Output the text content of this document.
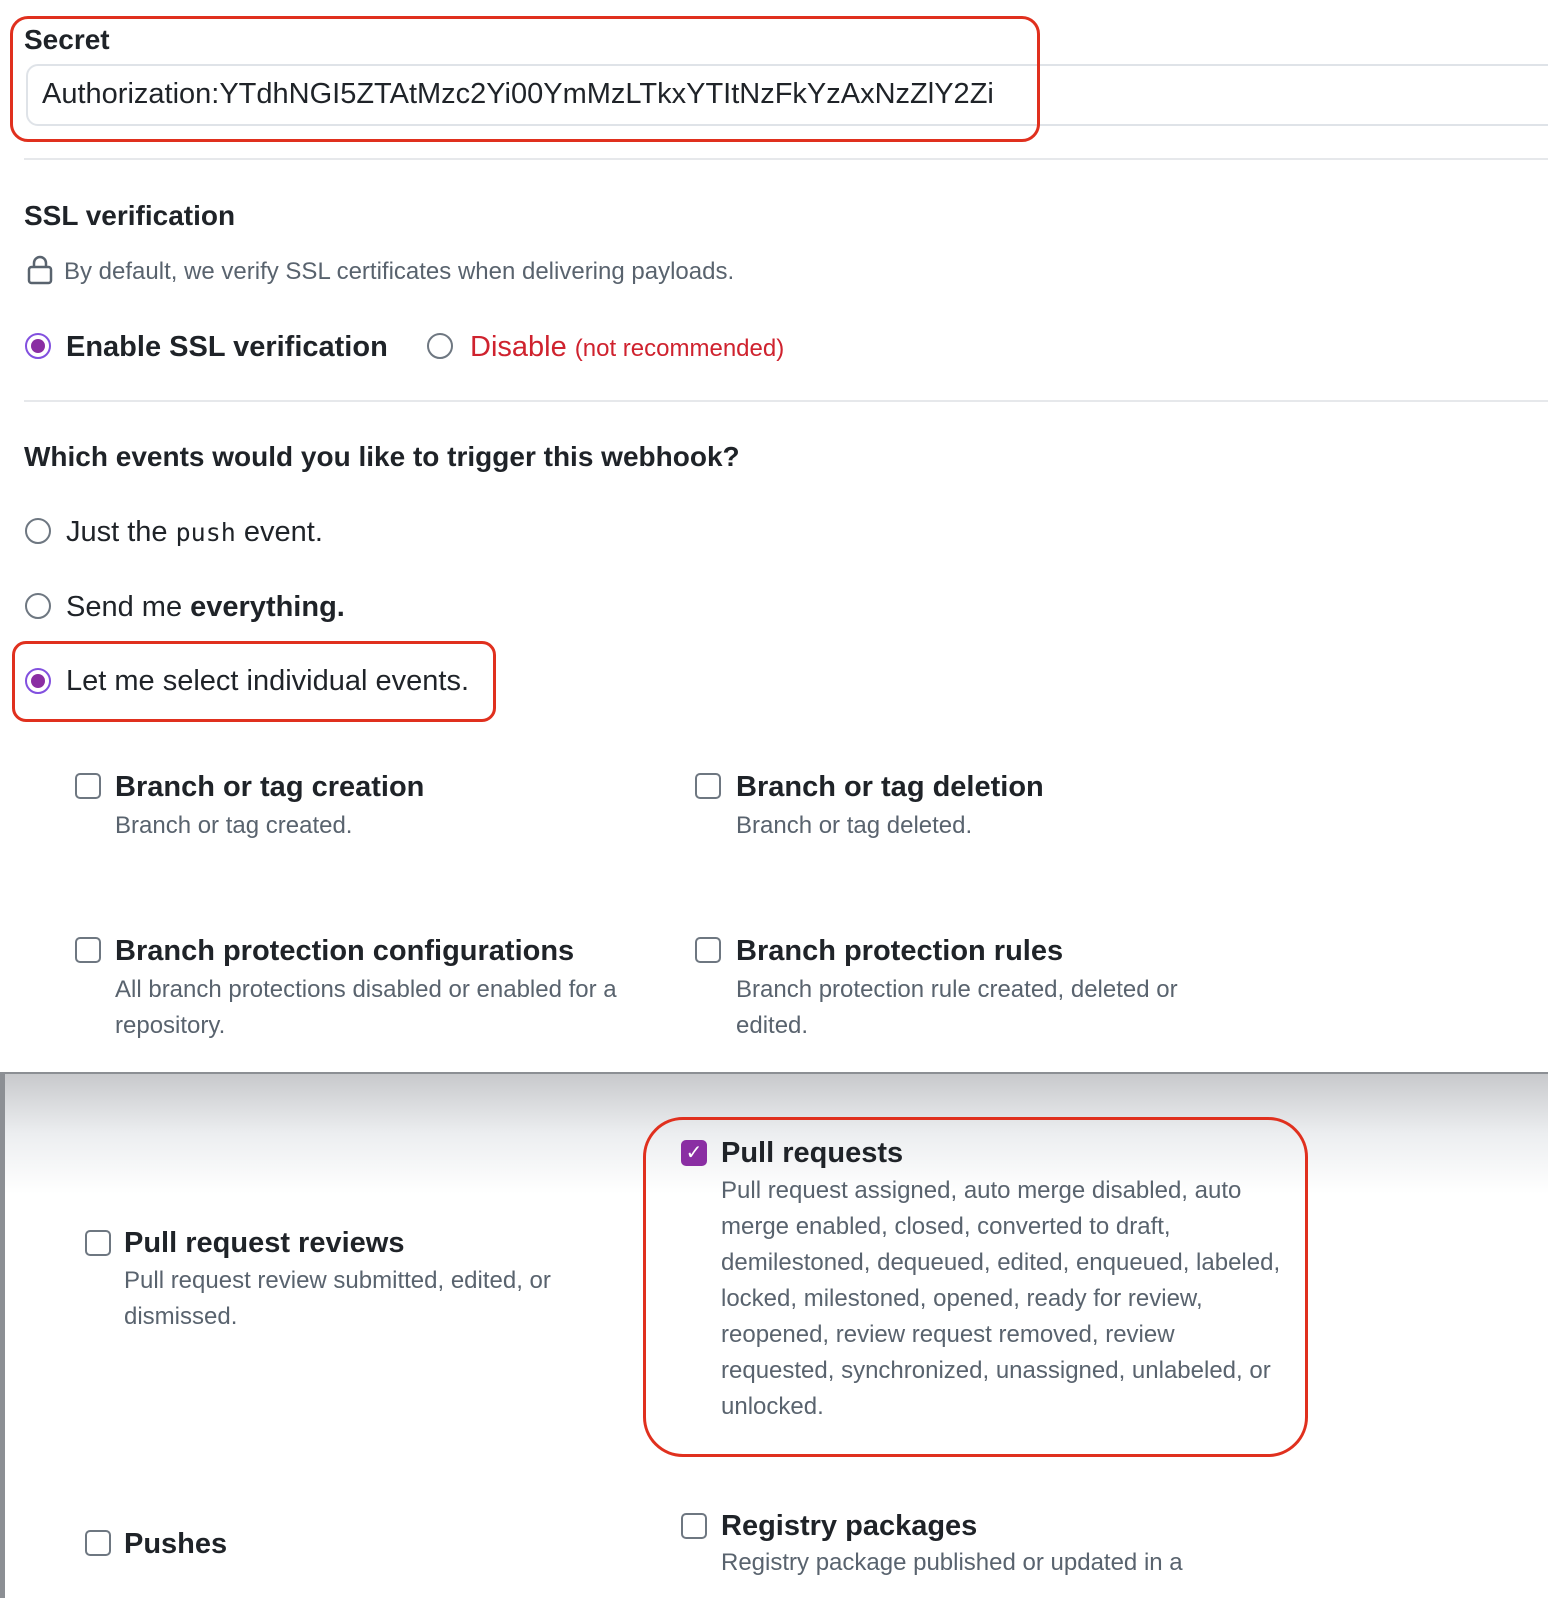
Secret
Authorization:YTdhNGI5ZTAtMzc2Yi00YmMzLTkxYTItNzFkYzAxNzZlY2Zi
SSL verification
By default, we verify SSL certificates when delivering payloads.
Enable SSL verification	Disable (not recommended)
Which events would you like to trigger this webhook?
Just the push event.
Send me everything.
Let me select individual events.
Branch or tag creation
Branch or tag created.
Branch or tag deletion
Branch or tag deleted.
Branch protection configurations
All branch protections disabled or enabled for a repository.
Branch protection rules
Branch protection rule created, deleted or edited.
Pull request reviews
Pull request review submitted, edited, or dismissed.
✓ Pull requests
Pull request assigned, auto merge disabled, auto merge enabled, closed, converted to draft, demilestoned, dequeued, edited, enqueued, labeled, locked, milestoned, opened, ready for review, reopened, review request removed, review requested, synchronized, unassigned, unlabeled, or unlocked.
Pushes
Registry packages
Registry package published or updated in a
